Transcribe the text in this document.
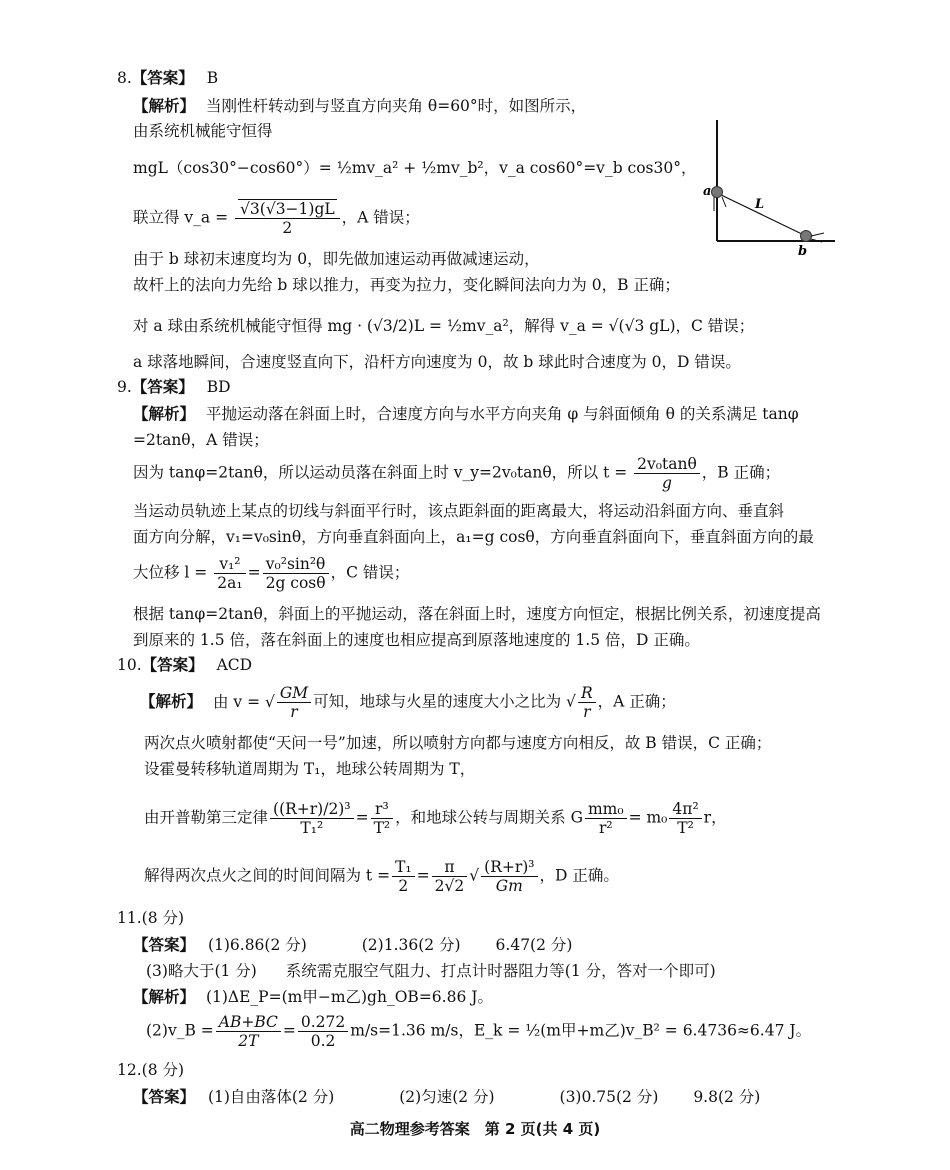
8.【答案】 B
【解析】 当刚性杆转动到与竖直方向夹角 θ=60°时，如图所示，
由系统机械能守恒得
mgL（cos30°−cos60°）= ½mv_a² + ½mv_b²，v_a cos60°=v_b cos30°，
联立得 v_a = $\frac{√3(√3-1)gL}{2}$ ，A 错误；
由于 b 球初末速度均为 0，即先做加速运动再做减速运动，
故杆上的法向力先给 b 球以推力，再变为拉力，变化瞬间法向力为 0，B 正确；
对 a 球由系统机械能守恒得 mg · (√3/2)L = ½mv_a²，解得 v_a = √(√3 gL)，C 错误；
a 球落地瞬间，合速度竖直向下，沿杆方向速度为 0，故 b 球此时合速度为 0，D 错误。
a
b
L
9.【答案】 BD
【解析】 平抛运动落在斜面上时，合速度方向与水平方向夹角 φ 与斜面倾角 θ 的关系满足 tanφ
=2tanθ，A 错误；
因为 tanφ=2tanθ，所以运动员落在斜面上时 v_y=2v₀tanθ，所以 $t = \frac{\text{2v₀tanθ}}{g}$ ，B 正确；
当运动员轨迹上某点的切线与斜面平行时，该点距斜面的距离最大，将运动沿斜面方向、垂直斜
面方向分解，v₁=v₀sinθ，方向垂直斜面向上，a₁=g cosθ，方向垂直斜面向下，垂直斜面方向的最
大位移 $l = \frac{\text{v₁²}}{\text{2a₁}} = \frac{\text{v₀²sin²θ}}{\text{2g cosθ}}$ ，C 错误；
根据 tanφ=2tanθ，斜面上的平抛运动，落在斜面上时，速度方向恒定，根据比例关系，初速度提高
到原来的 1.5 倍，落在斜面上的速度也相应提高到原落地速度的 1.5 倍，D 正确。
10.【答案】 ACD
【解析】 由 v = √ $\frac{GM}{r}$ 可知，地球与火星的速度大小之比为 √ $\frac{R}{r}$ ，A 正确；
两次点火喷射都使“天问一号”加速，所以喷射方向都与速度方向相反，故 B 错误，C 正确；
设霍曼转移轨道周期为 T₁，地球公转周期为 T，
由开普勒第三定律 $\frac{\text{((R+r)/2)³}}{\text{T₁²}} = \frac{\text{r³}}{\text{T²}}$ ，和地球公转与周期关系 G $\frac{\text{mm₀}}{\text{r²}} = m_0 \frac{\text{4π²}}{\text{T²}}$ r，
解得两次点火之间的时间间隔为 $t = \frac{\text{T₁}}{2} = \frac{\pi}{2√2}$ √ $\frac{\text{(R+r)³}}{Gm}$ ，D 正确。
11.(8 分)
【答案】 (1)6.86(2 分)	(2)1.36(2 分) 6.47(2 分)
(3)略大于(1 分) 系统需克服空气阻力、打点计时器阻力等(1 分，答对一个即可)
【解析】 (1)ΔE_P=(m甲−m乙)gh_OB=6.86 J。
(2)v_B = $\frac{AB+BC}{2T} = \frac{0.272}{0.2} m/s=1.36$ m/s，E_k = ½(m甲+m乙)v_B² = 6.4736≈6.47 J。
12.(8 分)
【答案】 (1)自由落体(2 分)	(2)匀速(2 分)	(3)0.75(2 分) 9.8(2 分)
高二物理参考答案　第 2 页(共 4 页)
